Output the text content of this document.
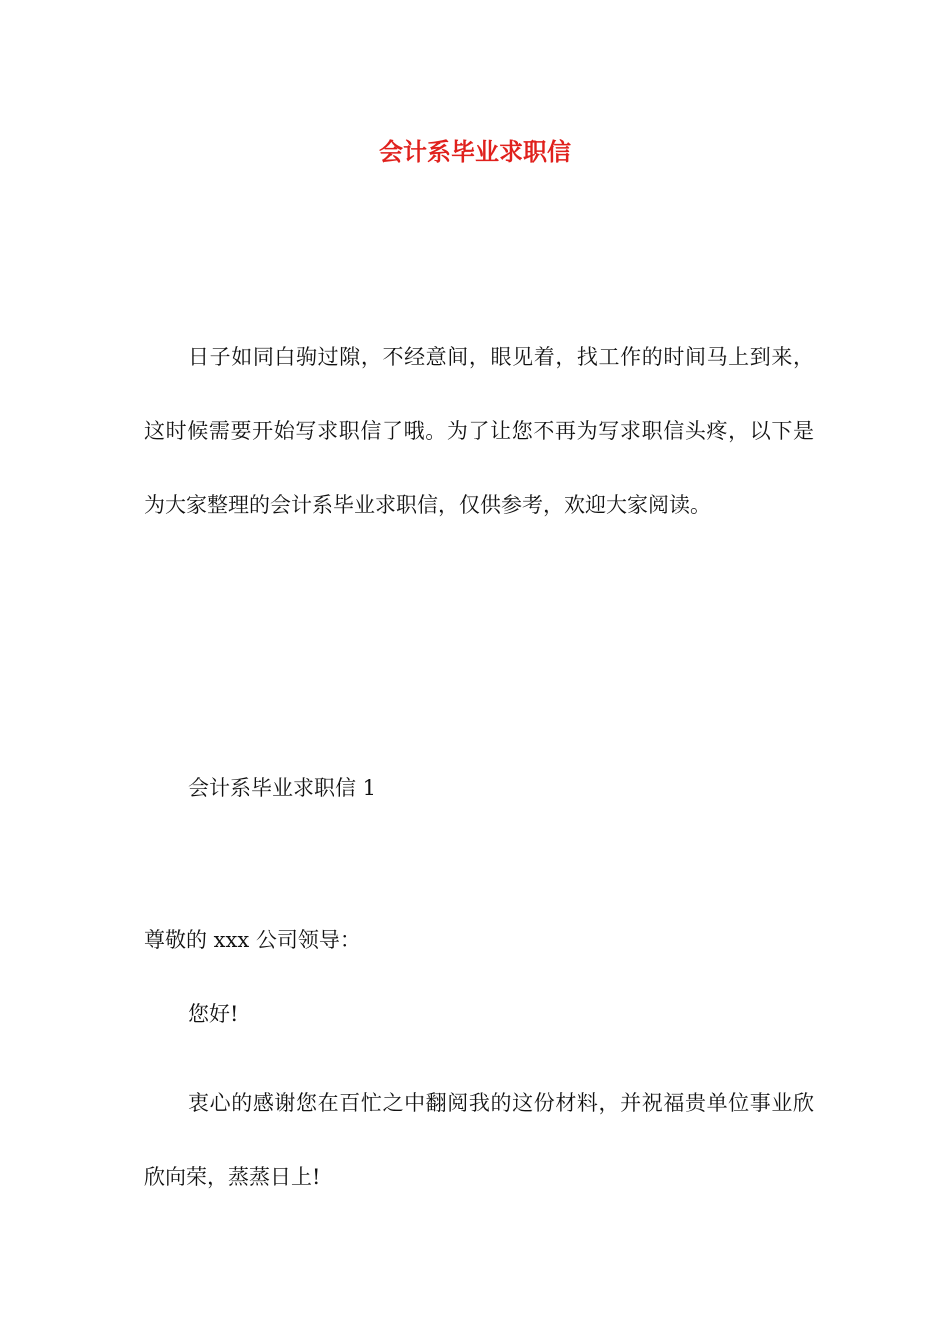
会计系毕业求职信

日子如同白驹过隙，不经意间，眼见着，找工作的时间马上到来，这时候需要开始写求职信了哦。为了让您不再为写求职信头疼，以下是为大家整理的会计系毕业求职信，仅供参考，欢迎大家阅读。

会计系毕业求职信 1

尊敬的 xxx 公司领导：

您好!

衷心的感谢您在百忙之中翻阅我的这份材料，并祝福贵单位事业欣欣向荣，蒸蒸日上!
